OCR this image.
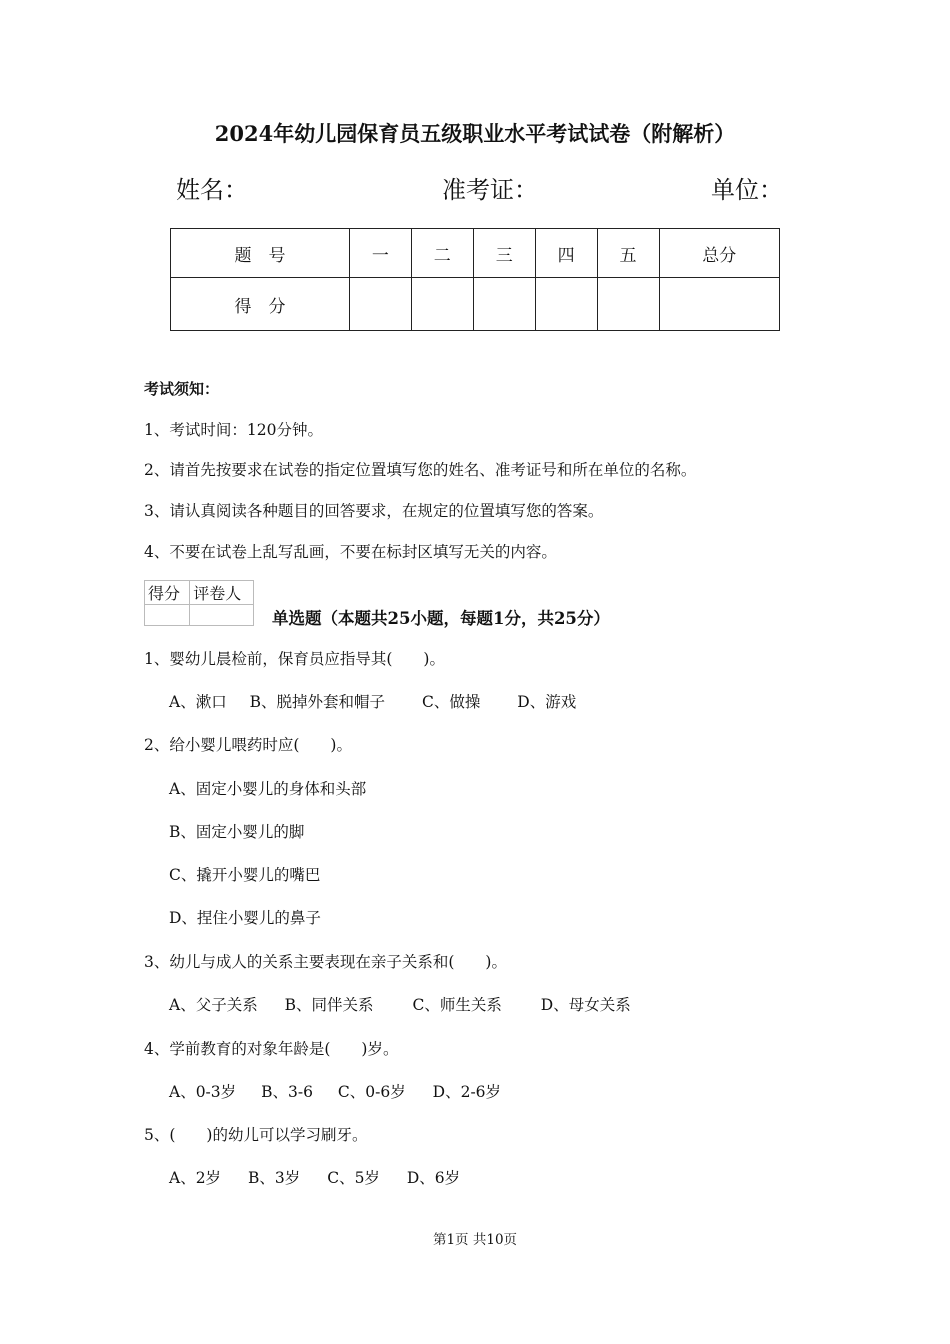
2024年幼儿园保育员五级职业水平考试试卷（附解析）
姓名：	准考证：	单位：
题　号	一	二	三	四	五	总分
得　分						
考试须知：
1、考试时间：120分钟。
2、请首先按要求在试卷的指定位置填写您的姓名、准考证号和所在单位的名称。
3、请认真阅读各种题目的回答要求，在规定的位置填写您的答案。
4、不要在试卷上乱写乱画，不要在标封区填写无关的内容。
得分	评卷人

单选题（本题共25小题，每题1分，共25分）
1、婴幼儿晨检前，保育员应指导其(　　)。
A、漱口 B、脱掉外套和帽子 C、做操 D、游戏
2、给小婴儿喂药时应(　　)。
A、固定小婴儿的身体和头部
B、固定小婴儿的脚
C、撬开小婴儿的嘴巴
D、捏住小婴儿的鼻子
3、幼儿与成人的关系主要表现在亲子关系和(　　)。
A、父子关系 B、同伴关系	C、师生关系	D、母女关系
4、学前教育的对象年龄是(　　)岁。
A、0-3岁 B、3-6 C、0-6岁 D、2-6岁
5、(　　)的幼儿可以学习刷牙。
A、2岁 B、3岁 C、5岁 D、6岁
第1页 共10页
